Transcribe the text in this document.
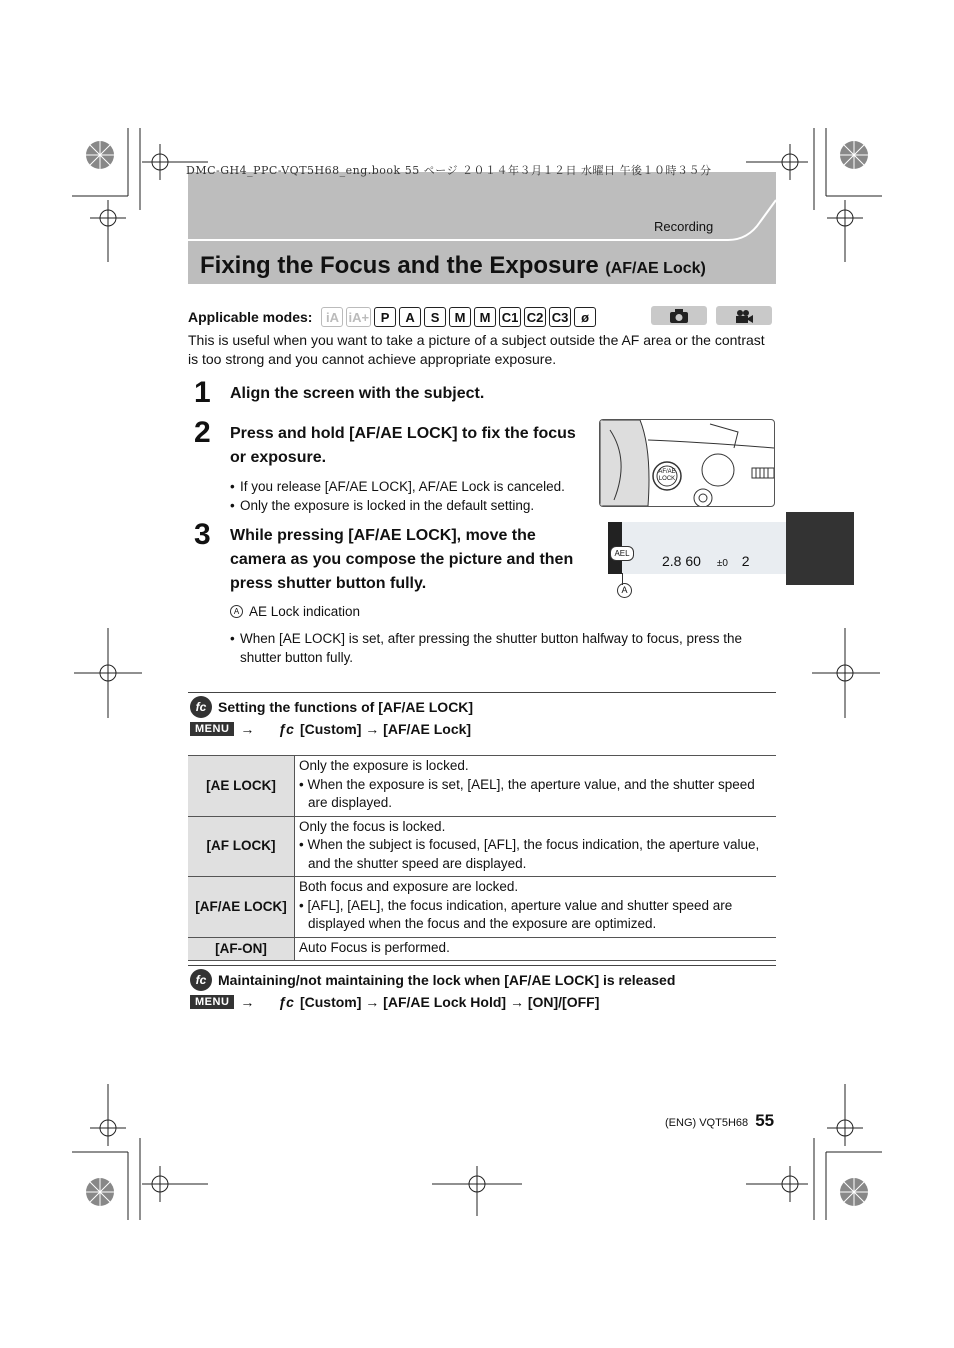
DMC-GH4_PPC-VQT5H68_eng.book 55 ページ ２０１４年３月１２日 水曜日 午後１０時３５分
Recording
Fixing the Focus and the Exposure (AF/AE Lock)
Applicable modes:	iA iA+ P	A	S	M	M C1 C2 C3 ø
This is useful when you want to take a picture of a subject outside the AF area or the contrast is too strong and you cannot achieve appropriate exposure.
1 Align the screen with the subject.
2 Press and hold [AF/AE LOCK] to fix the focus or exposure.
• If you release [AF/AE LOCK], AF/AE Lock is canceled.
• Only the exposure is locked in the default setting.
AF/AE LOCK
3 While pressing [AF/AE LOCK], move the camera as you compose the picture and then press shutter button fully.
AEL	2.8 60 ±0 2
A
A AE Lock indication
• When [AE LOCK] is set, after pressing the shutter button halfway to focus, press the shutter button fully.
fc Setting the functions of [AF/AE LOCK]
MENU → ƒc [Custom] → [AF/AE Lock]
[AE LOCK]	Only the exposure is locked.
• When the exposure is set, [AEL], the aperture value, and the shutter speed are displayed.

[AF LOCK]	Only the focus is locked.
• When the subject is focused, [AFL], the focus indication, the aperture value, and the shutter speed are displayed.

[AF/AE LOCK]	Both focus and exposure are locked.
• [AFL], [AEL], the focus indication, aperture value and shutter speed are displayed when the focus and the exposure are optimized.

[AF-ON]	Auto Focus is performed.
fc Maintaining/not maintaining the lock when [AF/AE LOCK] is released
MENU → ƒc [Custom] → [AF/AE Lock Hold] → [ON]/[OFF]
(ENG) VQT5H68 55
